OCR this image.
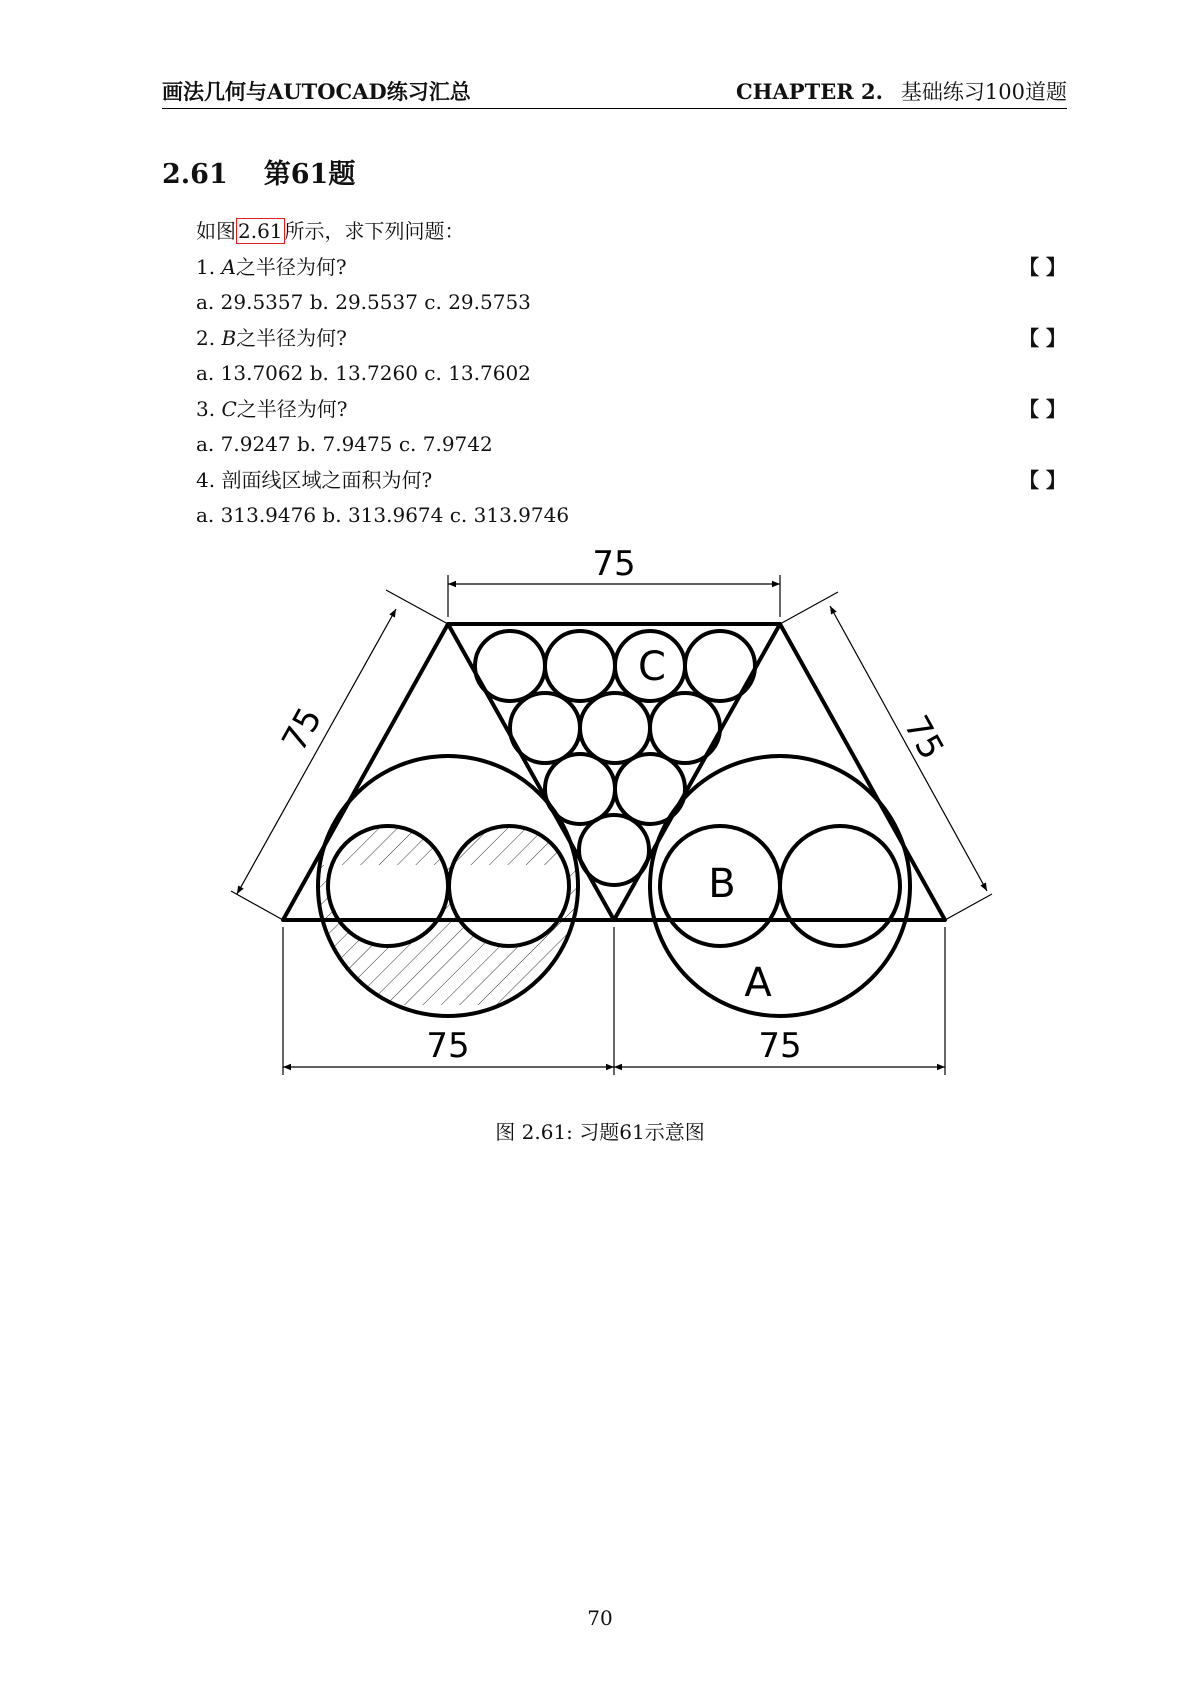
画法几何与AUTOCAD练习汇总	CHAPTER 2. 基础练习100道题
2.61 第61题
如图 2.61 所示，求下列问题：
1. A之半径为何?	【 】
a. 29.5357 b. 29.5537 c. 29.5753
2. B之半径为何?	【 】
a. 13.7062 b. 13.7260 c. 13.7602
3. C之半径为何?	【 】
a. 7.9247 b. 7.9475 c. 7.9742
4. 剖面线区域之面积为何?	【 】
a. 313.9476 b. 313.9674 c. 313.9746
C
B
A
75
75	75
75	75
图 2.61: 习题61示意图
70
